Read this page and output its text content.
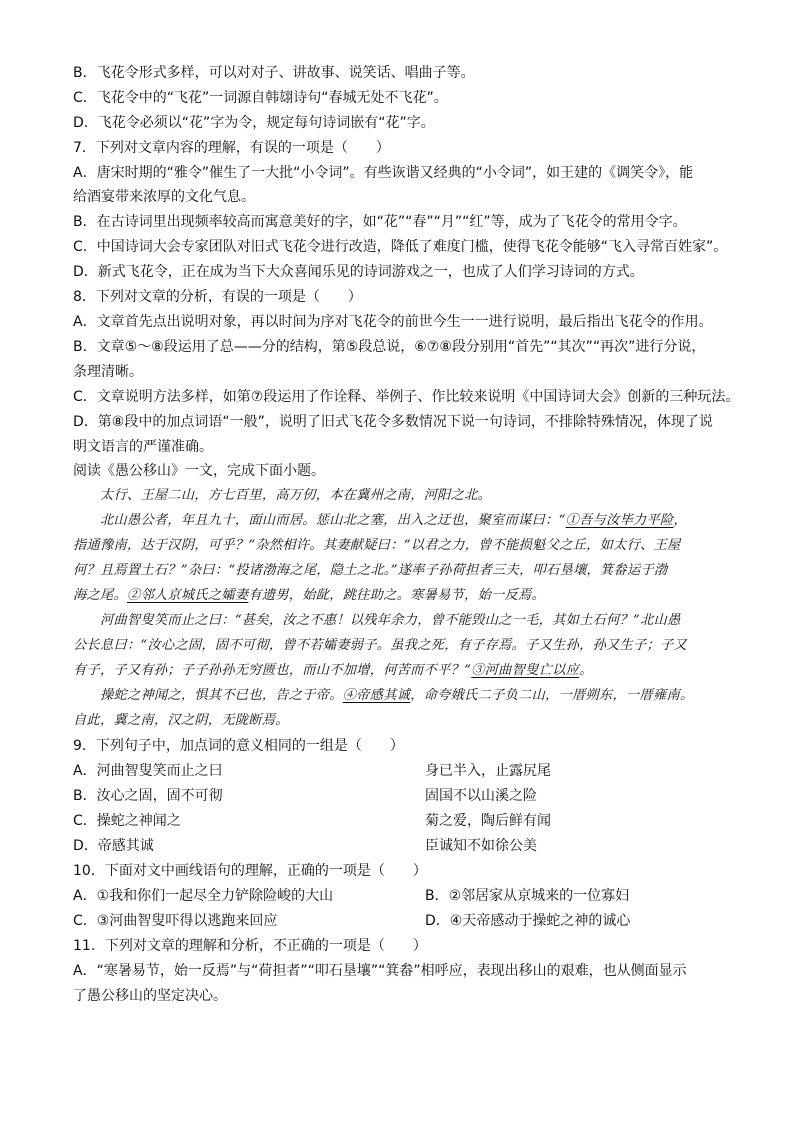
B．飞花令形式多样，可以对对子、讲故事、说笑话、唱曲子等。
C．飞花令中的“飞花”一词源自韩翃诗句“春城无处不飞花”。
D．飞花令必须以“花”字为令，规定每句诗词嵌有“花”字。
7．下列对文章内容的理解，有误的一项是（　　）
A．唐宋时期的“雅令”催生了一大批“小令词”。有些诙谐又经典的“小令词”，如王建的《调笑令》，能
给酒宴带来浓厚的文化气息。
B．在古诗词里出现频率较高而寓意美好的字，如“花”“春”“月”“红”等，成为了飞花令的常用令字。
C．中国诗词大会专家团队对旧式飞花令进行改造，降低了难度门槛，使得飞花令能够“飞入寻常百姓家”。
D．新式飞花令，正在成为当下大众喜闻乐见的诗词游戏之一，也成了人们学习诗词的方式。
8．下列对文章的分析，有误的一项是（　　）
A．文章首先点出说明对象，再以时间为序对飞花令的前世今生一一进行说明，最后指出飞花令的作用。
B．文章⑤～⑧段运用了总——分的结构，第⑤段总说，⑥⑦⑧段分别用“首先”“其次”“再次”进行分说，
条理清晰。
C．文章说明方法多样，如第⑦段运用了作诠释、举例子、作比较来说明《中国诗词大会》创新的三种玩法。
D．第⑧段中的加点词语“一般”，说明了旧式飞花令多数情况下说一句诗词，不排除特殊情况，体现了说
明文语言的严谨准确。
阅读《愚公移山》一文，完成下面小题。
太行、王屋二山，方七百里，高万仞，本在冀州之南，河阳之北。
北山愚公者，年且九十，面山而居。惩山北之塞，出入之迂也，聚室而谋曰：“①吾与汝毕力平险，
指通豫南，达于汉阴，可乎？”杂然相许。其妻献疑曰：“以君之力，曾不能损魁父之丘，如太行、王屋
何？且焉置土石？”杂曰：“投诸渤海之尾，隐土之北。”遂率子孙荷担者三夫，叩石垦壤，箕畚运于渤
海之尾。②邻人京城氏之孀妻有遗男，始龀，跳往助之。寒暑易节，始一反焉。
河曲智叟笑而止之曰：“甚矣，汝之不惠！以残年余力，曾不能毁山之一毛，其如土石何？”北山愚
公长息曰：“汝心之固，固不可彻，曾不若孀妻弱子。虽我之死，有子存焉。子又生孙，孙又生子；子又
有子，子又有孙；子子孙孙无穷匮也，而山不加增，何苦而不平？”③河曲智叟亡以应。
操蛇之神闻之，惧其不已也，告之于帝。④帝感其诚，命夸娥氏二子负二山，一厝朔东，一厝雍南。
自此，冀之南，汉之阴，无陇断焉。
9．下列句子中，加点词的意义相同的一组是（　　）
A．河曲智叟笑而止之曰	身已半入，止露尻尾
B．汝心之固，固不可彻	固国不以山溪之险
C．操蛇之神闻之	菊之爱，陶后鲜有闻
D．帝感其诚	臣诚知不如徐公美
10．下面对文中画线语句的理解，正确的一项是（　　）
A．①我和你们一起尽全力铲除险峻的大山	B．②邻居家从京城来的一位寡妇
C．③河曲智叟吓得以逃跑来回应	D．④天帝感动于操蛇之神的诚心
11．下列对文章的理解和分析，不正确的一项是（　　）
A．“寒暑易节，始一反焉”与“荷担者”“叩石垦壤”“箕畚”相呼应，表现出移山的艰难，也从侧面显示
了愚公移山的坚定决心。
